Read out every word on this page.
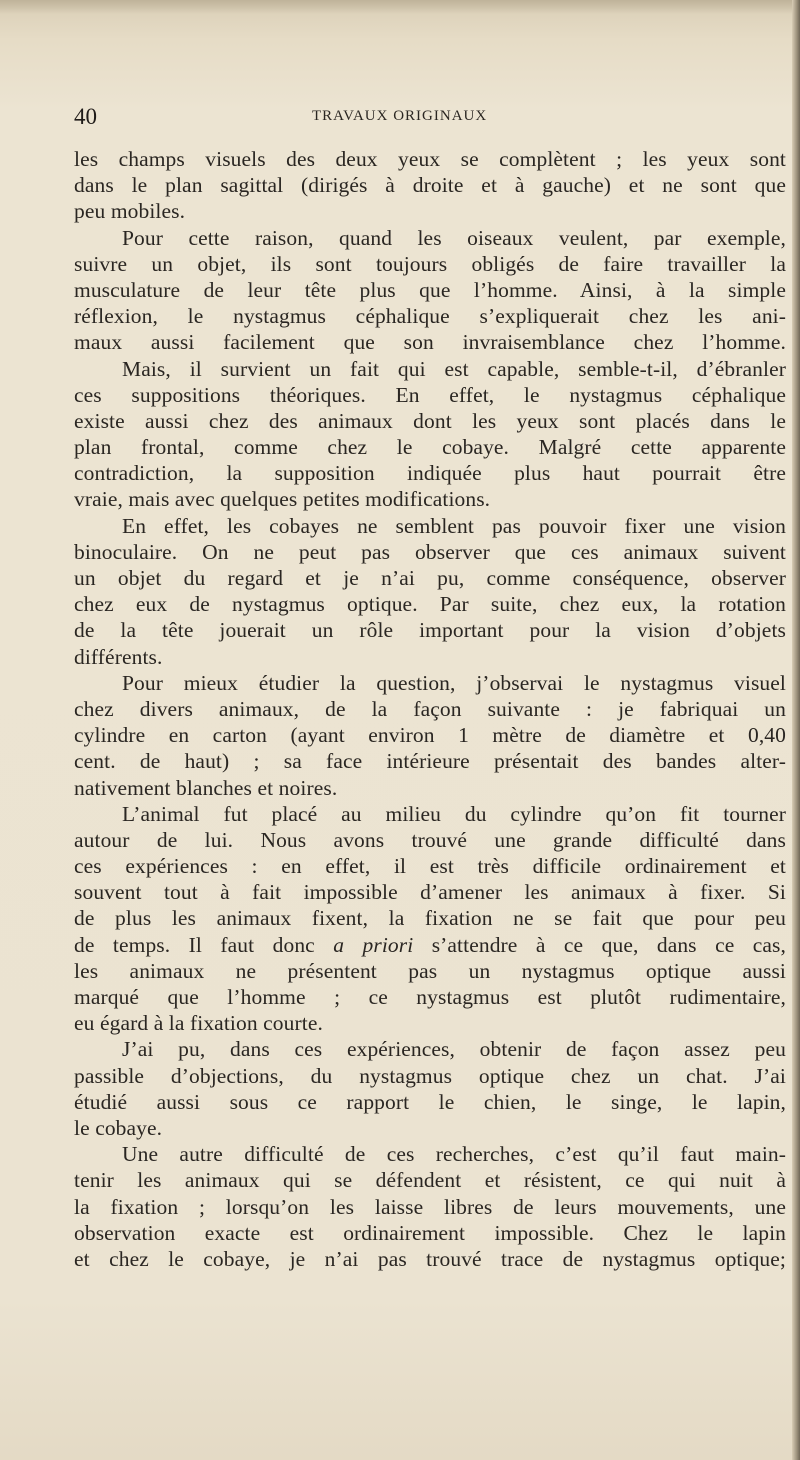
40	TRAVAUX ORIGINAUX
les champs visuels des deux yeux se complètent ; les yeux sont
dans le plan sagittal (dirigés à droite et à gauche) et ne sont que
peu mobiles.
Pour cette raison, quand les oiseaux veulent, par exemple,
suivre un objet, ils sont toujours obligés de faire travailler la
musculature de leur tête plus que l’homme. Ainsi, à la simple
réflexion, le nystagmus céphalique s’expliquerait chez les ani-
maux aussi facilement que son invraisemblance chez l’homme.
Mais, il survient un fait qui est capable, semble-t-il, d’ébranler
ces suppositions théoriques. En effet, le nystagmus céphalique
existe aussi chez des animaux dont les yeux sont placés dans le
plan frontal, comme chez le cobaye. Malgré cette apparente
contradiction, la supposition indiquée plus haut pourrait être
vraie, mais avec quelques petites modifications.
En effet, les cobayes ne semblent pas pouvoir fixer une vision
binoculaire. On ne peut pas observer que ces animaux suivent
un objet du regard et je n’ai pu, comme conséquence, observer
chez eux de nystagmus optique. Par suite, chez eux, la rotation
de la tête jouerait un rôle important pour la vision d’objets
différents.
Pour mieux étudier la question, j’observai le nystagmus visuel
chez divers animaux, de la façon suivante : je fabriquai un
cylindre en carton (ayant environ 1 mètre de diamètre et 0,40
cent. de haut) ; sa face intérieure présentait des bandes alter-
nativement blanches et noires.
L’animal fut placé au milieu du cylindre qu’on fit tourner
autour de lui. Nous avons trouvé une grande difficulté dans
ces expériences : en effet, il est très difficile ordinairement et
souvent tout à fait impossible d’amener les animaux à fixer. Si
de plus les animaux fixent, la fixation ne se fait que pour peu
de temps. Il faut donc a priori s’attendre à ce que, dans ce cas,
les animaux ne présentent pas un nystagmus optique aussi
marqué que l’homme ; ce nystagmus est plutôt rudimentaire,
eu égard à la fixation courte.
J’ai pu, dans ces expériences, obtenir de façon assez peu
passible d’objections, du nystagmus optique chez un chat. J’ai
étudié aussi sous ce rapport le chien, le singe, le lapin,
le cobaye.
Une autre difficulté de ces recherches, c’est qu’il faut main-
tenir les animaux qui se défendent et résistent, ce qui nuit à
la fixation ; lorsqu’on les laisse libres de leurs mouvements, une
observation exacte est ordinairement impossible. Chez le lapin
et chez le cobaye, je n’ai pas trouvé trace de nystagmus optique;
